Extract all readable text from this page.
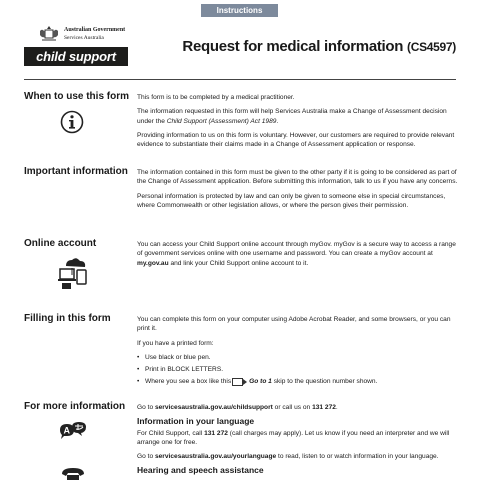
Instructions
Australian Government
Services Australia
child support
Request for medical information (CS4597)
When to use this form This form is to be completed by a medical practitioner.

The information requested in this form will help Services Australia make a Change of Assessment decision under the Child Support (Assessment) Act 1989.

Providing information to us on this form is voluntary. However, our customers are required to provide relevant evidence to substantiate their claims made in a Change of Assessment application or response.

Important information The information contained in this form must be given to the other party if it is going to be considered as part of the Change of Assessment application. Before submitting this information, talk to us if you have any concerns.

Personal information is protected by law and can only be given to someone else in special circumstances, where Commonwealth or other legislation allows, or where the person gives their permission.

Online account	You can access your Child Support online account through myGov. myGov is a secure way to access a range of government services online with one username and password. You can create a myGov account at my.gov.au and link your Child Support online account to it.

Filling in this form	You can complete this form on your computer using Adobe Acrobat Reader, and some browsers, or you can print it.

If you have a printed form:

• Use black or blue pen.
• Print in BLOCK LETTERS.
• Where you see a box like this	Go to 1 skip to the question number shown.
For more information
A

Go to servicesaustralia.gov.au/childsupport or call us on 131 272.

Information in your language

For Child Support, call 131 272 (call charges may apply). Let us know if you need an interpreter and we will arrange one for free.

Go to servicesaustralia.gov.au/yourlanguage to read, listen to or watch information in your language.

Hearing and speech assistance
